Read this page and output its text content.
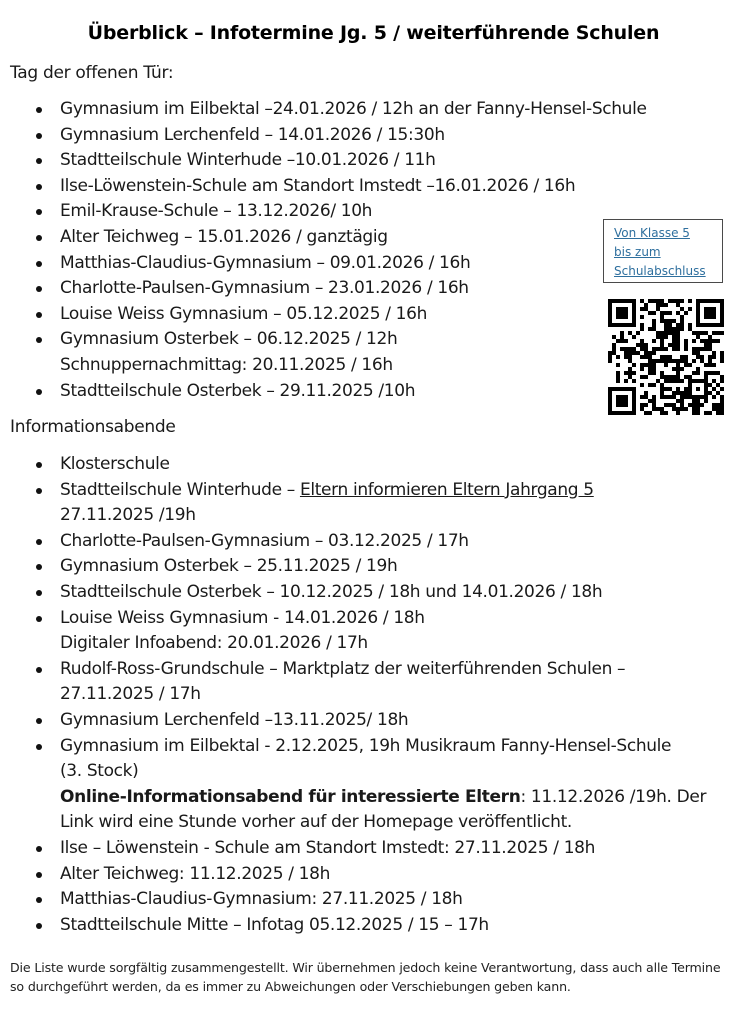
Überblick – Infotermine Jg. 5 / weiterführende Schulen
Tag der offenen Tür:
Gymnasium im Eilbektal –24.01.2026 / 12h an der Fanny-Hensel-Schule
Gymnasium Lerchenfeld – 14.01.2026 / 15:30h
Stadtteilschule Winterhude –10.01.2026 / 11h
Ilse-Löwenstein-Schule am Standort Imstedt –16.01.2026 / 16h
Emil-Krause-Schule – 13.12.2026/ 10h
Alter Teichweg – 15.01.2026 / ganztägig
Matthias-Claudius-Gymnasium – 09.01.2026 / 16h
Charlotte-Paulsen-Gymnasium – 23.01.2026 / 16h
Louise Weiss Gymnasium – 05.12.2025 / 16h
Gymnasium Osterbek – 06.12.2025 / 12h
Schnuppernachmittag: 20.11.2025 / 16h
Stadtteilschule Osterbek – 29.11.2025 /10h
Informationsabende
Klosterschule
Stadtteilschule Winterhude – Eltern informieren Eltern Jahrgang 5
27.11.2025 /19h
Charlotte-Paulsen-Gymnasium – 03.12.2025 / 17h
Gymnasium Osterbek – 25.11.2025 / 19h
Stadtteilschule Osterbek – 10.12.2025 / 18h und 14.01.2026 / 18h
Louise Weiss Gymnasium - 14.01.2026 / 18h
Digitaler Infoabend: 20.01.2026 / 17h
Rudolf-Ross-Grundschule – Marktplatz der weiterführenden Schulen –
27.11.2025 / 17h
Gymnasium Lerchenfeld –13.11.2025/ 18h
Gymnasium im Eilbektal - 2.12.2025, 19h Musikraum Fanny-Hensel-Schule
(3. Stock)
Online-Informationsabend für interessierte Eltern: 11.12.2026 /19h. Der
Link wird eine Stunde vorher auf der Homepage veröffentlicht.
Ilse – Löwenstein - Schule am Standort Imstedt: 27.11.2025 / 18h
Alter Teichweg: 11.12.2025 / 18h
Matthias-Claudius-Gymnasium: 27.11.2025 / 18h
Stadtteilschule Mitte – Infotag 05.12.2025 / 15 – 17h
Von Klasse 5
bis zum
Schulabschluss
Die Liste wurde sorgfältig zusammengestellt. Wir übernehmen jedoch keine Verantwortung, dass auch alle Termine so durchgeführt werden, da es immer zu Abweichungen oder Verschiebungen geben kann.
